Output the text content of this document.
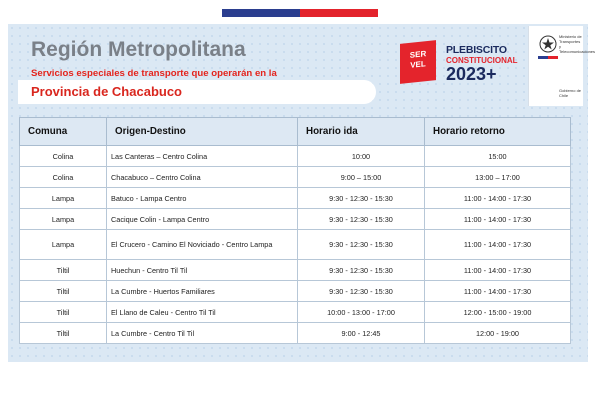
Región Metropolitana
Servicios especiales de transporte que operarán en la
Provincia de Chacabuco
SER
VEL
PLEBISCITO
CONSTITUCIONAL
2023+
Ministerio de Transportes y Telecomunicaciones
Gobierno de Chile
Comuna	Origen-Destino	Horario ida	Horario retorno
Colina	Las Canteras – Centro Colina	10:00	15:00
Colina	Chacabuco – Centro Colina	9:00 – 15:00	13:00 – 17:00
Lampa	Batuco - Lampa Centro	9:30 - 12:30 - 15:30	11:00 - 14:00 - 17:30
Lampa	Cacique Colin - Lampa Centro	9:30 - 12:30 - 15:30	11:00 - 14:00 - 17:30
Lampa	El Crucero - Camino El Noviciado - Centro Lampa	9:30 - 12:30 - 15:30	11:00 - 14:00 - 17:30
Tiltil	Huechun - Centro Til Til	9:30 - 12:30 - 15:30	11:00 - 14:00 - 17:30
Tiltil	La Cumbre - Huertos Familiares	9:30 - 12:30 - 15:30	11:00 - 14:00 - 17:30
Tiltil	El Llano de Caleu - Centro Til Til	10:00 - 13:00 - 17:00	12:00 - 15:00 - 19:00
Tiltil	La Cumbre - Centro Til Til	9:00 - 12:45	12:00 - 19:00
